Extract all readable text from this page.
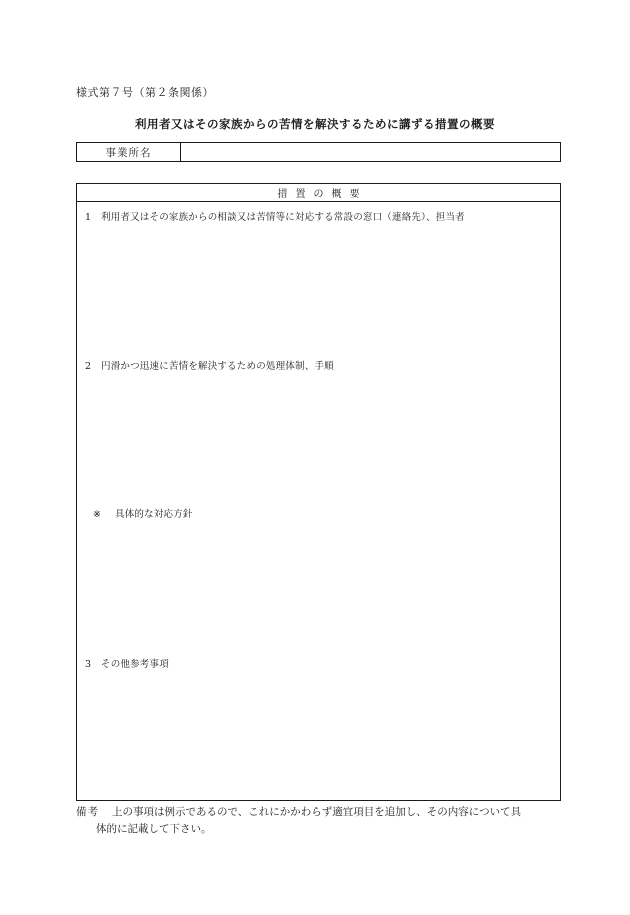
様式第７号（第２条関係）
利用者又はその家族からの苦情を解決するために講ずる措置の概要
事業所名
措置の概要
1 利用者又はその家族からの相談又は苦情等に対応する常設の窓口（連絡先）、担当者
2 円滑かつ迅速に苦情を解決するための処理体制、手順
※ 具体的な対応方針
3 その他参考事項
備考 上の事項は例示であるので、これにかかわらず適宜項目を追加し、その内容について具
体的に記載して下さい。
